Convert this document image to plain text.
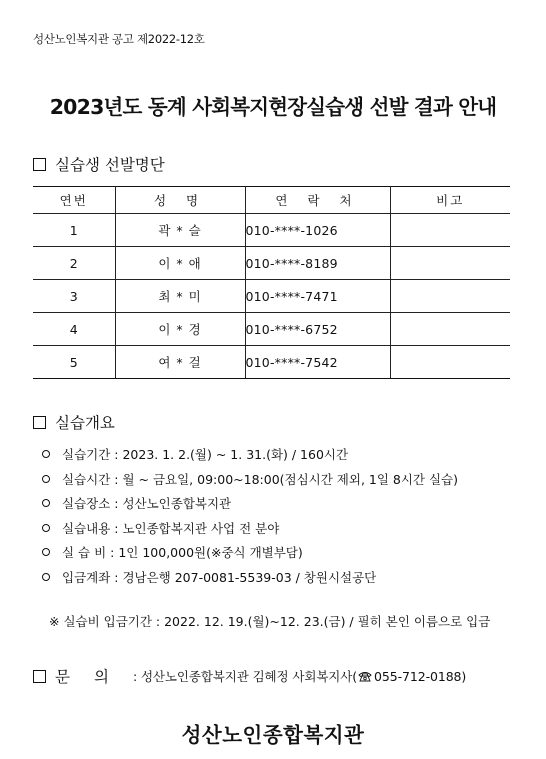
성산노인복지관 공고 제2022-12호
2023년도 동계 사회복지현장실습생 선발 결과 안내
실습생 선발명단
연번	성 명	연 락 처	비고
1	곽 * 슬	010-****-1026	
2	이 * 애	010-****-8189	
3	최 * 미	010-****-7471	
4	이 * 경	010-****-6752	
5	여 * 걸	010-****-7542	
실습개요
실습기간 : 2023. 1. 2.(월) ~ 1. 31.(화) / 160시간
실습시간 : 월 ~ 금요일, 09:00~18:00(점심시간 제외, 1일 8시간 실습)
실습장소 : 성산노인종합복지관
실습내용 : 노인종합복지관 사업 전 분야
실 습 비 : 1인 100,000원(※중식 개별부담)
입금계좌 : 경남은행 207-0081-5539-03 / 창원시설공단
※ 실습비 입금기간 : 2022. 12. 19.(월)~12. 23.(금) / 필히 본인 이름으로 입금
문의 : 성산노인종합복지관 김혜정 사회복지사( 055-712-0188)
성산노인종합복지관
